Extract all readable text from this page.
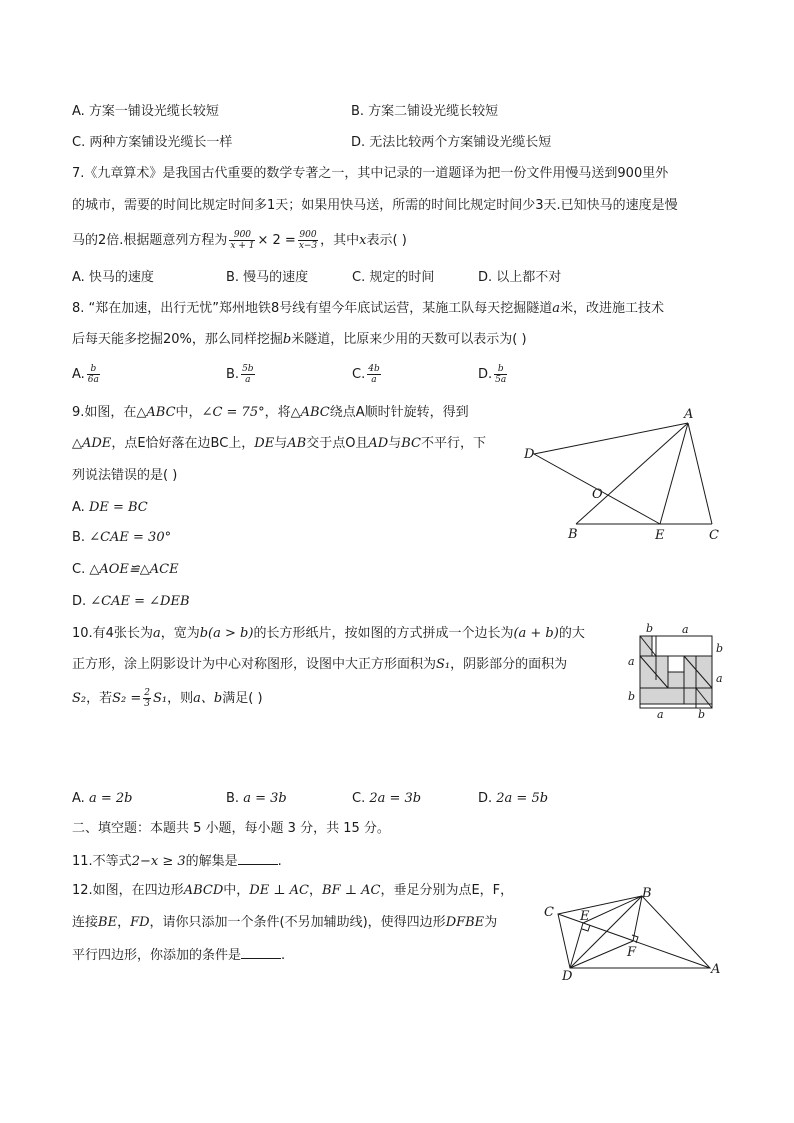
A. 方案一铺设光缆长较短	B. 方案二铺设光缆长较短
C. 两种方案铺设光缆长一样	D. 无法比较两个方案铺设光缆长短
7.《九章算术》是我国古代重要的数学专著之一，其中记录的一道题译为把一份文件用慢马送到900里外
的城市，需要的时间比规定时间多1天；如果用快马送，所需的时间比规定时间少3天.已知快马的速度是慢
马的2倍.根据题意列方程为 $\frac{900}{x + 1} \times 2 = \frac{900}{x-3}$ ，其中x表示( )
A. 快马的速度	B. 慢马的速度	C. 规定的时间	D. 以上都不对
8. “郑在加速，出行无忧”郑州地铁8号线有望今年底试运营，某施工队每天挖掘隧道a米，改进施工技术
后每天能多挖掘20%，那么同样挖掘b米隧道，比原来少用的天数可以表示为( )
A. $\frac{b}{6a}$	B. $\frac{5b}{a}$	C. $\frac{4b}{a}$	D. $\frac{b}{5a}$
9.如图，在△ABC中，∠C = 75°，将△ABC绕点A顺时针旋转，得到
△ADE，点E恰好落在边BC上，DE与AB交于点O且AD与BC不平行，下
列说法错误的是( )
A. DE = BC
B. ∠CAE = 30°
C. △AOE≌△ACE
D. ∠CAE = ∠DEB
A
D
O
B	E	C
10.有4张长为a，宽为b(a > b)的长方形纸片，按如图的方式拼成一个边长为(a + b)的大
正方形，涂上阴影设计为中心对称图形，设图中大正方形面积为S₁，阴影部分的面积为
S₂，若$S_2 = \frac{2}{3} S_1$，则a、b满足( )
A. a = 2b	B. a = 3b	C. 2a = 3b	D. 2a = 5b
b	a
a
b
a
b
a	b
二、填空题：本题共 5 小题，每小题 3 分，共 15 分。
11.不等式2−x ≥ 3的解集是	.
12.如图，在四边形ABCD中，DE ⊥ AC，BF ⊥ AC，垂足分别为点E，F，
连接BE，FD，请你只添加一个条件(不另加辅助线)，使得四边形DFBE为
平行四边形，你添加的条件是	.
B
C E
F
D	A
